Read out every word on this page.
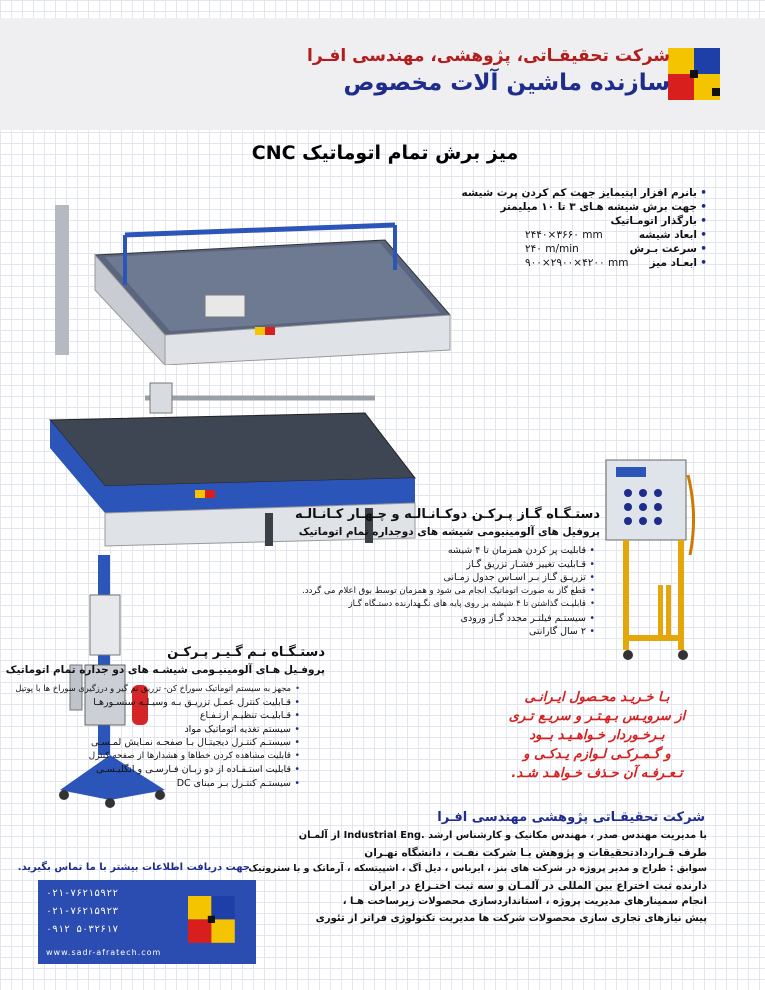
شرکت تحقیقـاتی، پژوهشی، مهندسی افـرا
سازنده ماشین آلات مخصوص
میز برش تمام اتوماتیک CNC
• بانرم افزار اپتیمایز جهت کم کردن پرت شیشه
• جهت برش شیشه هـای ۳ تا ۱۰ میلیمتر
• بارگذار اتومـاتیک
• ابعاد شیشه
۲۴۴۰×۳۶۶۰ mm
• سرعت بـرش
۲۴۰ m/min
• ابعـاد میز
۹۰۰×۲۹۰۰×۴۲۰۰ mm
دستـگـاه گـاز پـرکـن دوکـانـالـه و چـهـار کـانـالـه
پروفیل های آلومینیومی شیشه های دوجداره تمام اتوماتیک
• قابلیت پر کردن همزمان تا ۴ شیشه
• قـابلیت تغییر فشـار تزریق گـاز
• تزریـق گـاز بـر اسـاس جدول زمـانی
• قطع گاز به صورت اتوماتیک انجام می شود و همزمان توسط بوق اعلام می گردد.
• قابلیـت گذاشتن تا ۴ شیشه بر روی پایه های نگـهدارنده دستـگاه گـاز
• سیستـم فیلتـر مجدد گـاز ورودی
• ۲ سال گارانتی
دستـگـاه نـم گـیـر پـرکـن
پروفـیل هـای آلومینیـومی شیشـه های دو جداره تمام اتوماتیک
• مجهز به سیستم اتوماتیک سوراخ کن- تزریق نم گیر و درزگیری سوراخ ها با پوتیل
• قـابلیت کنترل عمـل تزریـق بـه وسیـلـه سنسـورهـا
• قـابلیـت تنظیـم ارتـفـاع
• سیستم تغذیه اتوماتیک مواد
• سیستـم کنتـرل دیجیتـال بـا صفحـه نمـایش لمـسـی
• قابلیت مشاهده کردن خطاها و هشدارها از صفحه کنترل
• قابلیت استـفـاده از دو زبـان فـارسـی و انگلیـسـی
• سیستـم کنتـرل بـر مبنای DC
بـا خـریـد محـصول ایـرانـی
از سرویـس بـهـتـر و سریـع تـری
بـرخـوردار خـواهـیـد بــود
و گـمـرکـی لـوازم یـدکـی و
تـعـرفـه آن حـذف خـواهـد شـد.
شرکت تحقیقـاتی پژوهشی مهندسی افـرا
با مدیریت مهندس صدر ، مهندس مکانیک و کارشناس ارشد .Industrial Eng از آلمـان
طرف قـراردادتحقیقات و پژوهش بـا شرکت نفـت ، دانشگاه تهـران
سوابق : طراح و مدیر پروژه در شرکت های بنز ، ایرباس ، دیل اَگ ، اشپیتسکه ، آرماتک و با ستروتیک
دارنده ثبت اختراع بین المللی در آلمـان و سه ثبت اختـراع در ایران
انجام سمینارهای مدیریت پروژه ، استانداردسازی محصولات زیرساخت هـا ،
پیش نیازهای تجاری سازی محصولات شرکت ها مدیریت تکنولوژی فراتر از تئوری
جهت دریافت اطلاعات بیشتر با ما تماس بگیرید.
۰۲۱-۷۶۲۱۵۹۲۲
۰۲۱-۷۶۲۱۵۹۲۳
۰۹۱۲ ۵۰۳۲۶۱۷
www.sadr-afratech.com
